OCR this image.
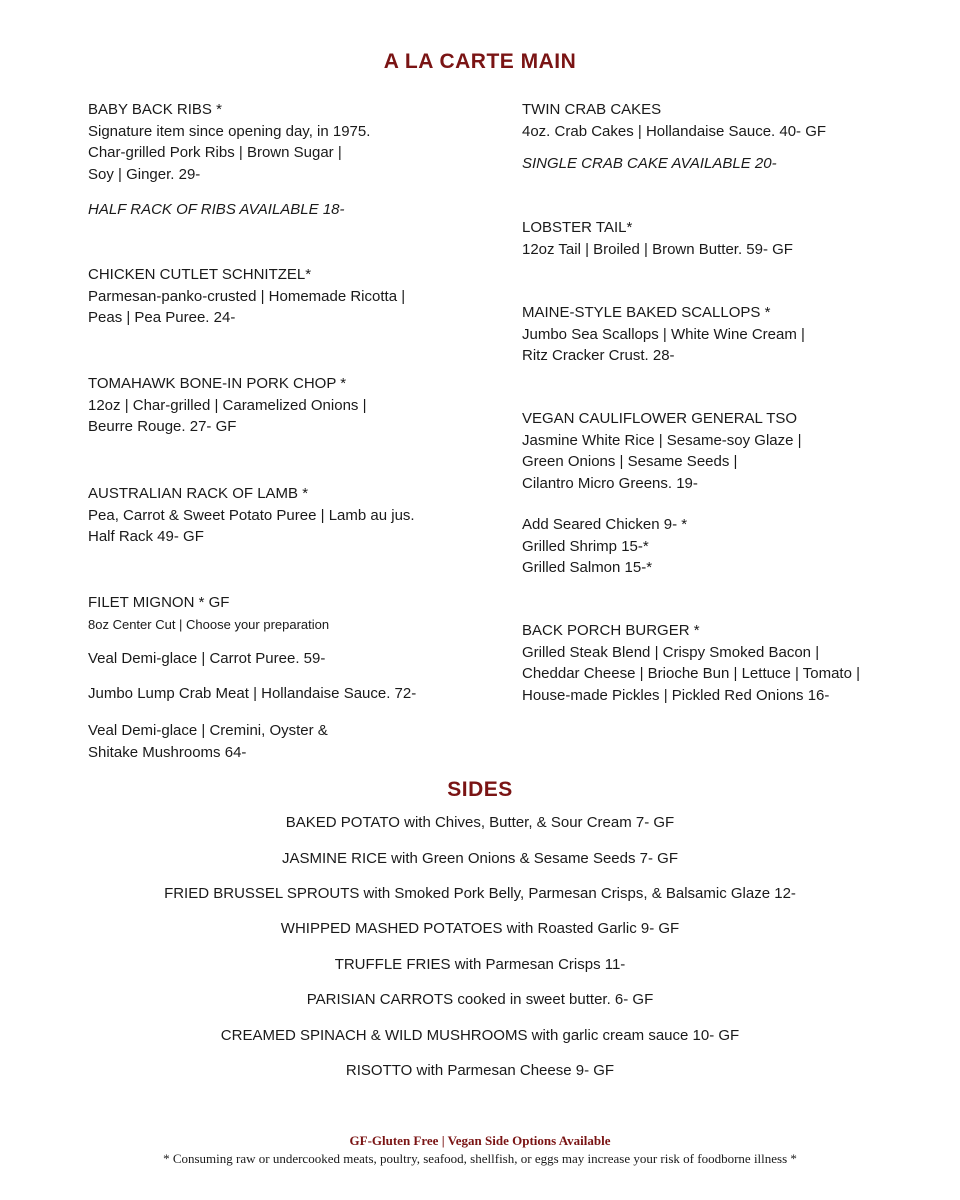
A LA CARTE MAIN
BABY BACK RIBS *
Signature item since opening day, in 1975.
Char-grilled Pork Ribs | Brown Sugar |
Soy | Ginger. 29-
HALF RACK OF RIBS AVAILABLE 18-
CHICKEN CUTLET SCHNITZEL*
Parmesan-panko-crusted | Homemade Ricotta |
Peas | Pea Puree. 24-
TOMAHAWK BONE-IN PORK CHOP *
12oz | Char-grilled | Caramelized Onions |
Beurre Rouge. 27- GF
AUSTRALIAN RACK OF LAMB *
Pea, Carrot & Sweet Potato Puree | Lamb au jus.
Half Rack 49- GF
FILET MIGNON * GF
8oz Center Cut | Choose your preparation
Veal Demi-glace | Carrot Puree. 59-
Jumbo Lump Crab Meat | Hollandaise Sauce. 72-
Veal Demi-glace | Cremini, Oyster &
Shitake Mushrooms 64-
TWIN CRAB CAKES
4oz. Crab Cakes | Hollandaise Sauce. 40- GF
SINGLE CRAB CAKE AVAILABLE 20-
LOBSTER TAIL*
12oz Tail | Broiled | Brown Butter. 59- GF
MAINE-STYLE BAKED SCALLOPS *
Jumbo Sea Scallops | White Wine Cream |
Ritz Cracker Crust. 28-
VEGAN CAULIFLOWER GENERAL TSO
Jasmine White Rice | Sesame-soy Glaze |
Green Onions | Sesame Seeds |
Cilantro Micro Greens. 19-
Add Seared Chicken 9- *
Grilled Shrimp 15-*
Grilled Salmon 15-*
BACK PORCH BURGER *
Grilled Steak Blend | Crispy Smoked Bacon |
Cheddar Cheese | Brioche Bun | Lettuce | Tomato |
House-made Pickles | Pickled Red Onions 16-
SIDES
BAKED POTATO with Chives, Butter, & Sour Cream 7- GF
JASMINE RICE with Green Onions & Sesame Seeds 7- GF
FRIED BRUSSEL SPROUTS with Smoked Pork Belly, Parmesan Crisps, & Balsamic Glaze 12-
WHIPPED MASHED POTATOES with Roasted Garlic 9- GF
TRUFFLE FRIES with Parmesan Crisps 11-
PARISIAN CARROTS cooked in sweet butter. 6- GF
CREAMED SPINACH & WILD MUSHROOMS with garlic cream sauce 10- GF
RISOTTO with Parmesan Cheese 9- GF
GF-Gluten Free | Vegan Side Options Available
* Consuming raw or undercooked meats, poultry, seafood, shellfish, or eggs may increase your risk of foodborne illness *
